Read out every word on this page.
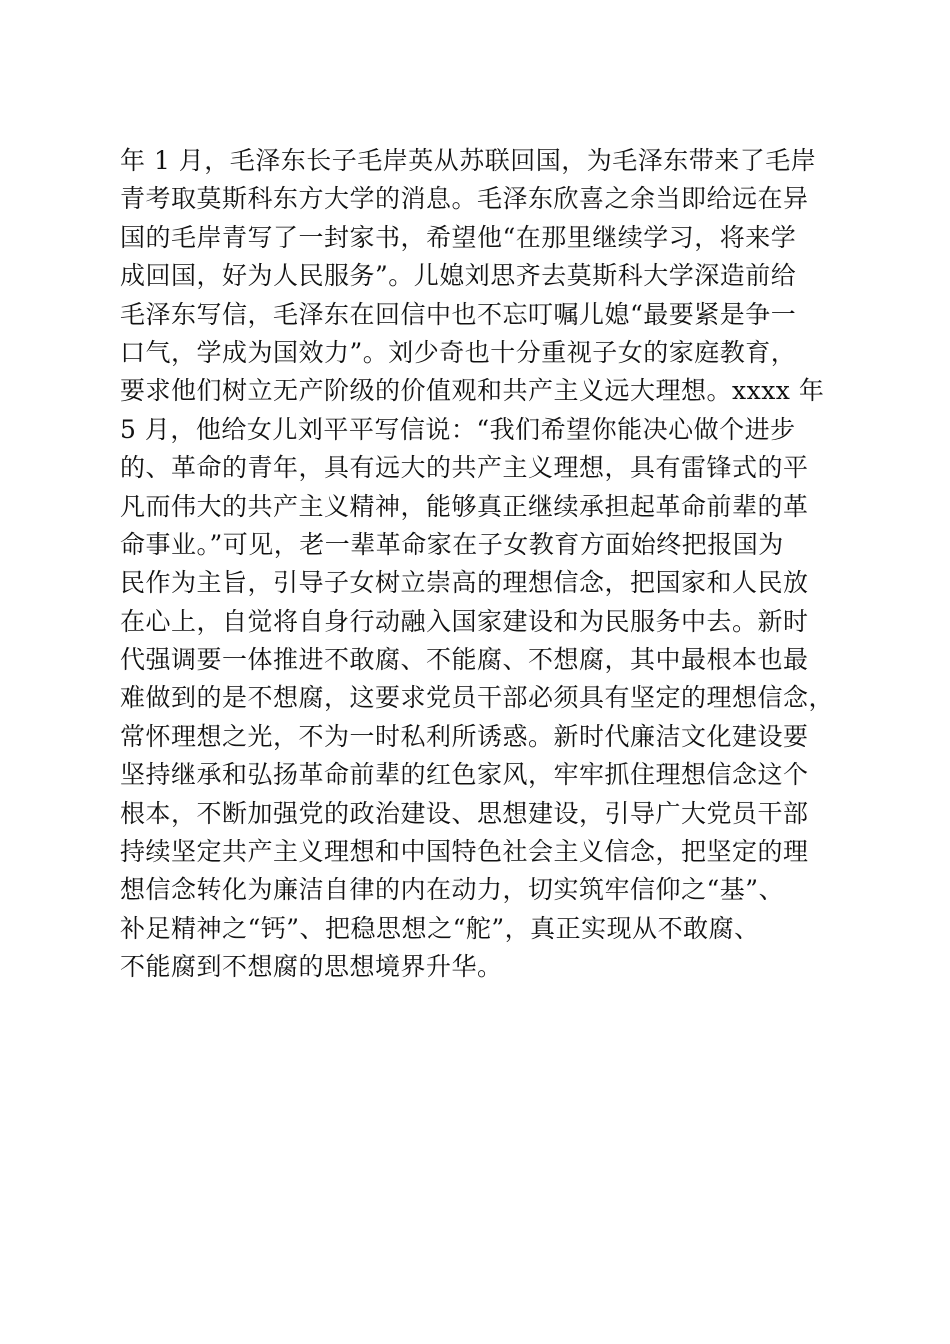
年 1 月，毛泽东长子毛岸英从苏联回国，为毛泽东带来了毛岸
青考取莫斯科东方大学的消息。毛泽东欣喜之余当即给远在异
国的毛岸青写了一封家书，希望他“在那里继续学习，将来学
成回国，好为人民服务”。儿媳刘思齐去莫斯科大学深造前给
毛泽东写信，毛泽东在回信中也不忘叮嘱儿媳“最要紧是争一
口气，学成为国效力”。刘少奇也十分重视子女的家庭教育，
要求他们树立无产阶级的价值观和共产主义远大理想。xxxx 年
5 月，他给女儿刘平平写信说：“我们希望你能决心做个进步
的、革命的青年，具有远大的共产主义理想，具有雷锋式的平
凡而伟大的共产主义精神，能够真正继续承担起革命前辈的革
命事业。”可见，老一辈革命家在子女教育方面始终把报国为
民作为主旨，引导子女树立崇高的理想信念，把国家和人民放
在心上，自觉将自身行动融入国家建设和为民服务中去。新时
代强调要一体推进不敢腐、不能腐、不想腐，其中最根本也最
难做到的是不想腐，这要求党员干部必须具有坚定的理想信念，
常怀理想之光，不为一时私利所诱惑。新时代廉洁文化建设要
坚持继承和弘扬革命前辈的红色家风，牢牢抓住理想信念这个
根本，不断加强党的政治建设、思想建设，引导广大党员干部
持续坚定共产主义理想和中国特色社会主义信念，把坚定的理
想信念转化为廉洁自律的内在动力，切实筑牢信仰之“基”、
补足精神之“钙”、把稳思想之“舵”，真正实现从不敢腐、
不能腐到不想腐的思想境界升华。
